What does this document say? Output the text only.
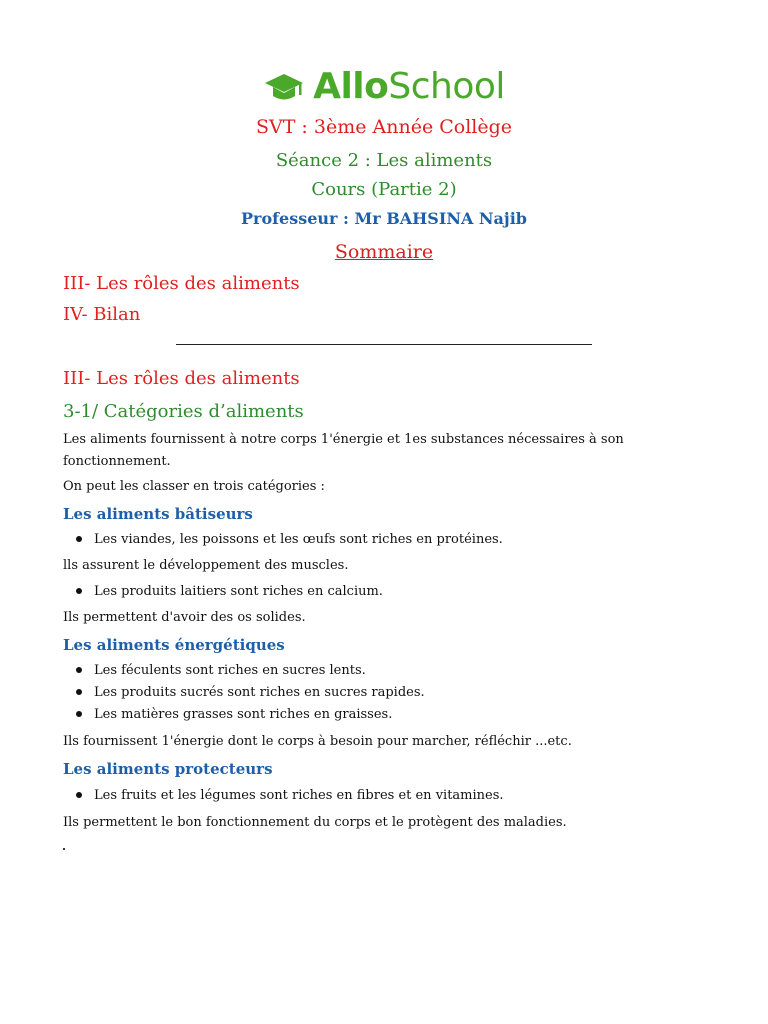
AlloSchool
SVT : 3ème Année Collège
Séance 2 : Les aliments
Cours (Partie 2)
Professeur : Mr BAHSINA Najib
Sommaire
III- Les rôles des aliments
IV- Bilan
III- Les rôles des aliments
3-1/ Catégories d’aliments
Les aliments fournissent à notre corps 1'énergie et 1es substances nécessaires à son fonctionnement.
On peut les classer en trois catégories :
Les aliments bâtiseurs
Les viandes, les poissons et les œufs sont riches en protéines.
lls assurent le développement des muscles.
Les produits laitiers sont riches en calcium.
Ils permettent d'avoir des os solides.
Les aliments énergétiques
Les féculents sont riches en sucres lents.
Les produits sucrés sont riches en sucres rapides.
Les matières grasses sont riches en graisses.
Ils fournissent 1'énergie dont le corps à besoin pour marcher, réfléchir ...etc.
Les aliments protecteurs
Les fruits et les légumes sont riches en fibres et en vitamines.
Ils permettent le bon fonctionnement du corps et le protègent des maladies.
